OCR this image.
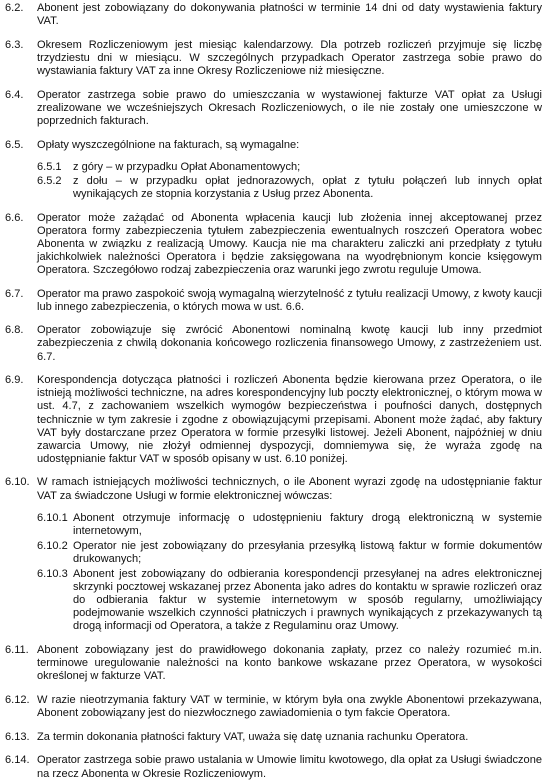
6.2.	Abonent jest zobowiązany do dokonywania płatności w terminie 14 dni od daty wystawienia faktury VAT.
6.3.	Okresem Rozliczeniowym jest miesiąc kalendarzowy. Dla potrzeb rozliczeń przyjmuje się liczbę trzydziestu dni w miesiącu. W szczególnych przypadkach Operator zastrzega sobie prawo do wystawiania faktury VAT za inne Okresy Rozliczeniowe niż miesięczne.
6.4.	Operator zastrzega sobie prawo do umieszczania w wystawionej fakturze VAT opłat za Usługi zrealizowane we wcześniejszych Okresach Rozliczeniowych, o ile nie zostały one umieszczone w poprzednich fakturach.
6.5.	Opłaty wyszczególnione na fakturach, są wymagalne:
6.5.1	z góry – w przypadku Opłat Abonamentowych;
6.5.2	z dołu – w przypadku opłat jednorazowych, opłat z tytułu połączeń lub innych opłat wynikających ze stopnia korzystania z Usług przez Abonenta.
6.6.	Operator może zażądać od Abonenta wpłacenia kaucji lub złożenia innej akceptowanej przez Operatora formy zabezpieczenia tytułem zabezpieczenia ewentualnych roszczeń Operatora wobec Abonenta w związku z realizacją Umowy. Kaucja nie ma charakteru zaliczki ani przedpłaty z tytułu jakichkolwiek należności Operatora i będzie zaksięgowana na wyodrębnionym koncie księgowym Operatora. Szczegółowo rodzaj zabezpieczenia oraz warunki jego zwrotu reguluje Umowa.
6.7.	Operator ma prawo zaspokoić swoją wymagalną wierzytelność z tytułu realizacji Umowy, z kwoty kaucji lub innego zabezpieczenia, o których mowa w ust. 6.6.
6.8.	Operator zobowiązuje się zwrócić Abonentowi nominalną kwotę kaucji lub inny przedmiot zabezpieczenia z chwilą dokonania końcowego rozliczenia finansowego Umowy, z zastrzeżeniem ust. 6.7.
6.9.	Korespondencja dotycząca płatności i rozliczeń Abonenta będzie kierowana przez Operatora, o ile istnieją możliwości techniczne, na adres korespondencyjny lub poczty elektronicznej, o którym mowa w ust. 4.7, z zachowaniem wszelkich wymogów bezpieczeństwa i poufności danych, dostępnych technicznie w tym zakresie i zgodne z obowiązującymi przepisami. Abonent może żądać, aby faktury VAT były dostarczane przez Operatora w formie przesyłki listowej. Jeżeli Abonent, najpóźniej w dniu zawarcia Umowy, nie złożył odmiennej dyspozycji, domniemywa się, że wyraża zgodę na udostępnianie faktur VAT w sposób opisany w ust. 6.10 poniżej.
6.10. W ramach istniejących możliwości technicznych, o ile Abonent wyrazi zgodę na udostępnianie faktur VAT za świadczone Usługi w formie elektronicznej wówczas:
6.10.1 Abonent otrzymuje informację o udostępnieniu faktury drogą elektroniczną w systemie internetowym,
6.10.2 Operator nie jest zobowiązany do przesyłania przesyłką listową faktur w formie dokumentów drukowanych;
6.10.3 Abonent jest zobowiązany do odbierania korespondencji przesyłanej na adres elektronicznej skrzynki pocztowej wskazanej przez Abonenta jako adres do kontaktu w sprawie rozliczeń oraz do odbierania faktur w systemie internetowym w sposób regularny, umożliwiający podejmowanie wszelkich czynności płatniczych i prawnych wynikających z przekazywanych tą drogą informacji od Operatora, a także z Regulaminu oraz Umowy.
6.11. Abonent zobowiązany jest do prawidłowego dokonania zapłaty, przez co należy rozumieć m.in. terminowe uregulowanie należności na konto bankowe wskazane przez Operatora, w wysokości określonej w fakturze VAT.
6.12. W razie nieotrzymania faktury VAT w terminie, w którym była ona zwykle Abonentowi przekazywana, Abonent zobowiązany jest do niezwłocznego zawiadomienia o tym fakcie Operatora.
6.13. Za termin dokonania płatności faktury VAT, uważa się datę uznania rachunku Operatora.
6.14. Operator zastrzega sobie prawo ustalania w Umowie limitu kwotowego, dla opłat za Usługi świadczone na rzecz Abonenta w Okresie Rozliczeniowym.
